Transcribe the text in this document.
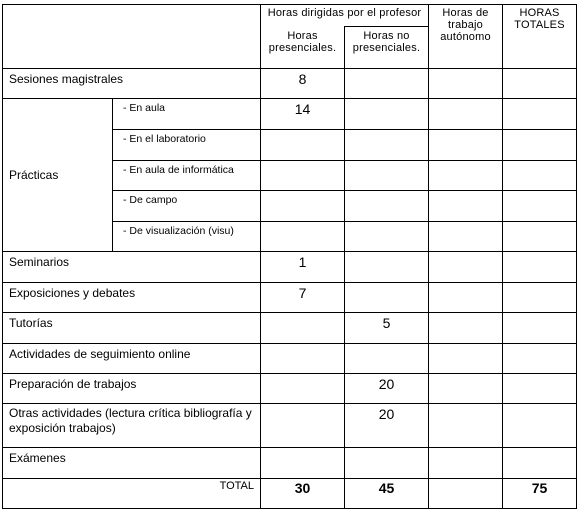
		Horas dirigidas por el profesor		Horas de trabajo autónomo	HORAS TOTALES

		Horas presenciales.	Horas no presenciales.		
Sesiones magistrales		8			
Prácticas	- En aula	14			
	- En el laboratorio				
	- En aula de informática				
	- De campo				
	- De visualización (visu)				
Seminarios		1			
Exposiciones y debates		7			
Tutorías			5		
Actividades de seguimiento online					
Preparación de trabajos			20		
Otras actividades (lectura crítica bibliografía y exposición trabajos)			20		
Exámenes					
TOTAL		30	45		75
